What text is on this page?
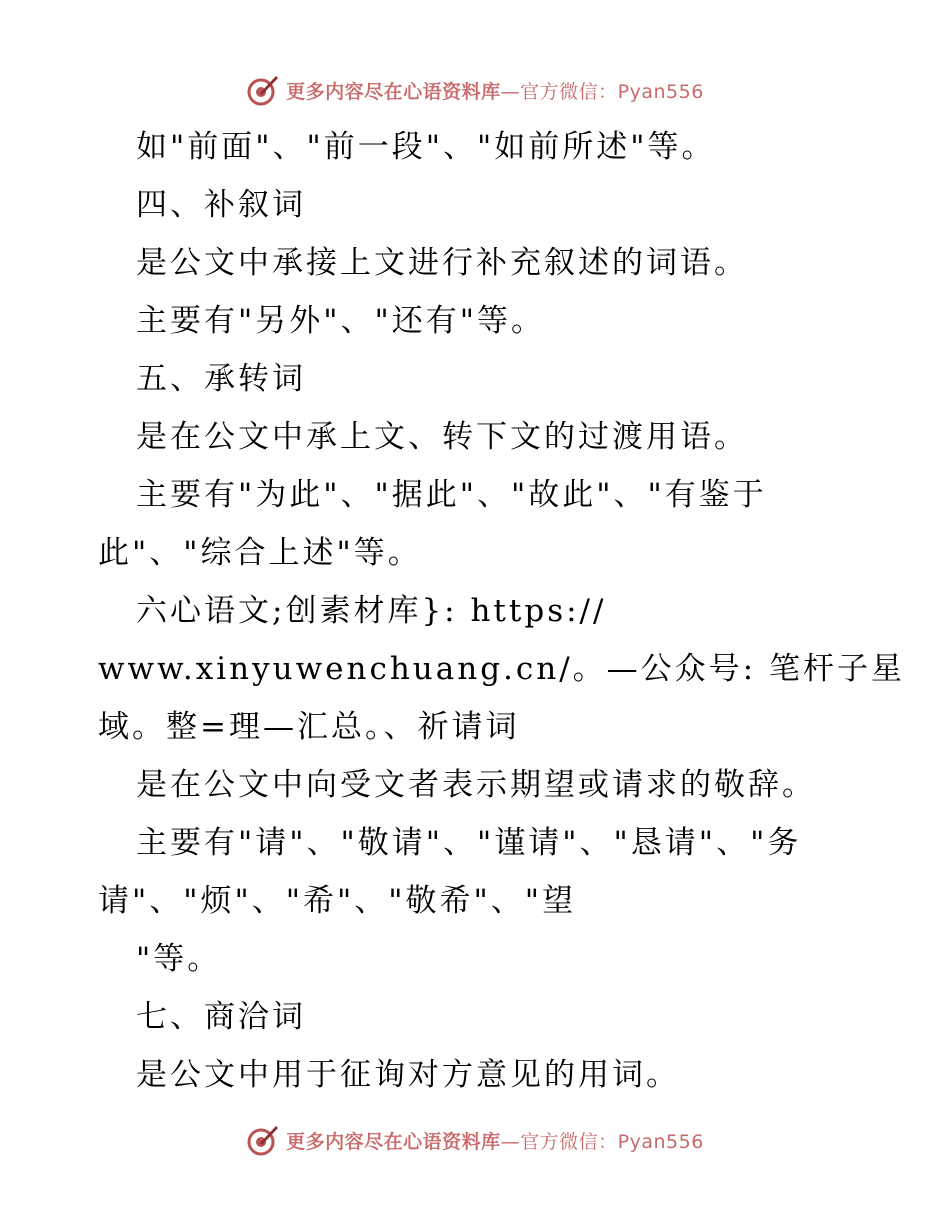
更多内容尽在心语资料库—官方微信：Pyan556
如"前面"、"前一段"、"如前所述"等。
四、补叙词
是公文中承接上文进行补充叙述的词语。
主要有"另外"、"还有"等。
五、承转词
是在公文中承上文、转下文的过渡用语。
主要有"为此"、"据此"、"故此"、"有鉴于
此"、"综合上述"等。
六心语文;创素材库}: https://
www.xinyuwenchuang.cn/。—公众号: 笔杆子星
域。整=理—汇总。、祈请词
是在公文中向受文者表示期望或请求的敬辞。
主要有"请"、"敬请"、"谨请"、"恳请"、"务
请"、"烦"、"希"、"敬希"、"望
"等。
七、商洽词
是公文中用于征询对方意见的用词。
更多内容尽在心语资料库—官方微信：Pyan556
